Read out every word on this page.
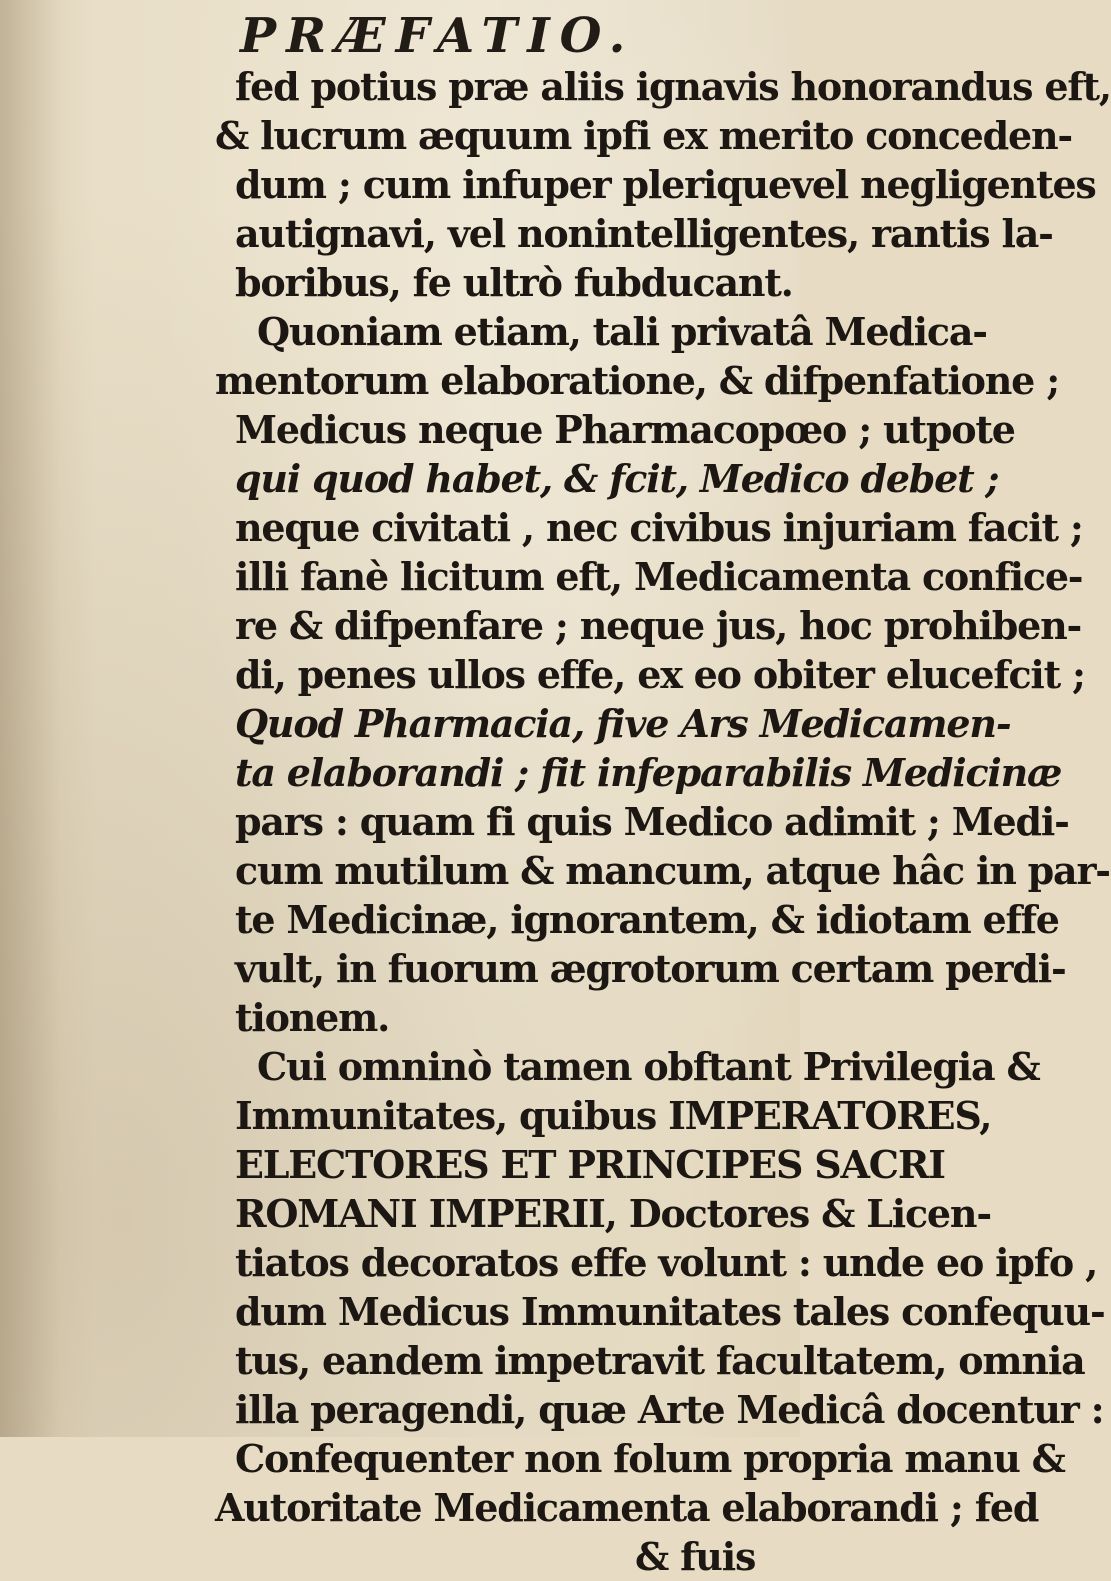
PRÆFATIO.
fed potius præ aliis ignavis honorandus eft,
& lucrum æquum ipfi ex merito conceden-
dum ; cum infuper pleriquevel negligentes
autignavi, vel nonintelligentes, rantis la-
boribus, fe ultrò fubducant.
Quoniam etiam, tali privatâ Medica-
mentorum elaboratione, & difpenfatione ;
Medicus neque Pharmacopœo ; utpote
qui quod habet, & fcit, Medico debet ;
neque civitati , nec civibus injuriam facit ;
illi fanè licitum eft, Medicamenta confice-
re & difpenfare ; neque jus, hoc prohiben-
di, penes ullos effe, ex eo obiter elucefcit ;
Quod Pharmacia, five Ars Medicamen-
ta elaborandi ; fit infeparabilis Medicinæ
pars : quam fi quis Medico adimit ; Medi-
cum mutilum & mancum, atque hâc in par-
te Medicinæ, ignorantem, & idiotam effe
vult, in fuorum ægrotorum certam perdi-
tionem.
Cui omninò tamen obftant Privilegia &
Immunitates, quibus IMPERATORES,
ELECTORES ET PRINCIPES SACRI
ROMANI IMPERII, Doctores & Licen-
tiatos decoratos effe volunt : unde eo ipfo ,
dum Medicus Immunitates tales confequu-
tus, eandem impetravit facultatem, omnia
illa peragendi, quæ Arte Medicâ docentur :
Confequenter non folum propria manu &
Autoritate Medicamenta elaborandi ; fed
& fuis
